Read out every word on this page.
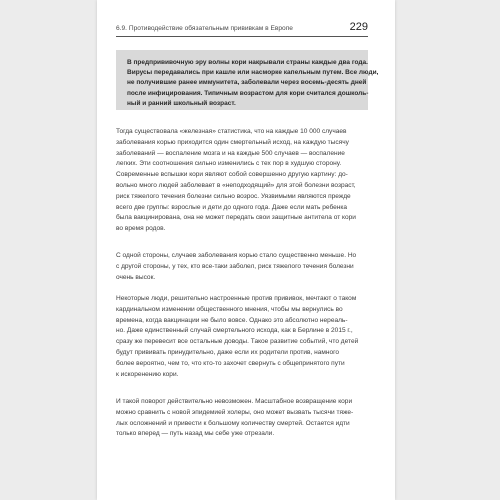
6.9. Противодействие обязательным прививкам в Европе	229

В предпрививочную эру волны кори накрывали страны каждые два года.
Вирусы передавались при кашле или насморке капельным путем. Все люди,
не получившие ранее иммунитета, заболевали через восемь-десять дней
после инфицирования. Типичным возрастом для кори считался дошколь-
ный и ранний школьный возраст.

Тогда существовала «железная» статистика, что на каждые 10 000 случаев
заболевания корью приходится один смертельный исход, на каждую тысячу
заболеваний — воспаление мозга и на каждые 500 случаев — воспаление
легких. Эти соотношения сильно изменились с тех пор в худшую сторону.
Современные вспышки кори являют собой совершенно другую картину: до-
вольно много людей заболевает в «неподходящий» для этой болезни возраст,
риск тяжелого течения болезни сильно возрос. Уязвимыми являются прежде
всего две группы: взрослые и дети до одного года. Даже если мать ребенка
была вакцинирована, она не может передать свои защитные антитела от кори
во время родов.

С одной стороны, случаев заболевания корью стало существенно меньше. Но
с другой стороны, у тех, кто все-таки заболел, риск тяжелого течения болезни
очень высок.

Некоторые люди, решительно настроенные против прививок, мечтают о таком
кардинальном изменении общественного мнения, чтобы мы вернулись во
времена, когда вакцинации не было вовсе. Однако это абсолютно нереаль-
но. Даже единственный случай смертельного исхода, как в Берлине в 2015 г.,
сразу же перевесит все остальные доводы. Такое развитие событий, что детей
будут прививать принудительно, даже если их родители против, намного
более вероятно, чем то, что кто-то захочет свернуть с общепринятого пути
к искоренению кори.

И такой поворот действительно невозможен. Масштабное возвращение кори
можно сравнить с новой эпидемией холеры, оно может вызвать тысячи тяже-
лых осложнений и привести к большому количеству смертей. Остается идти
только вперед — путь назад мы себе уже отрезали.
